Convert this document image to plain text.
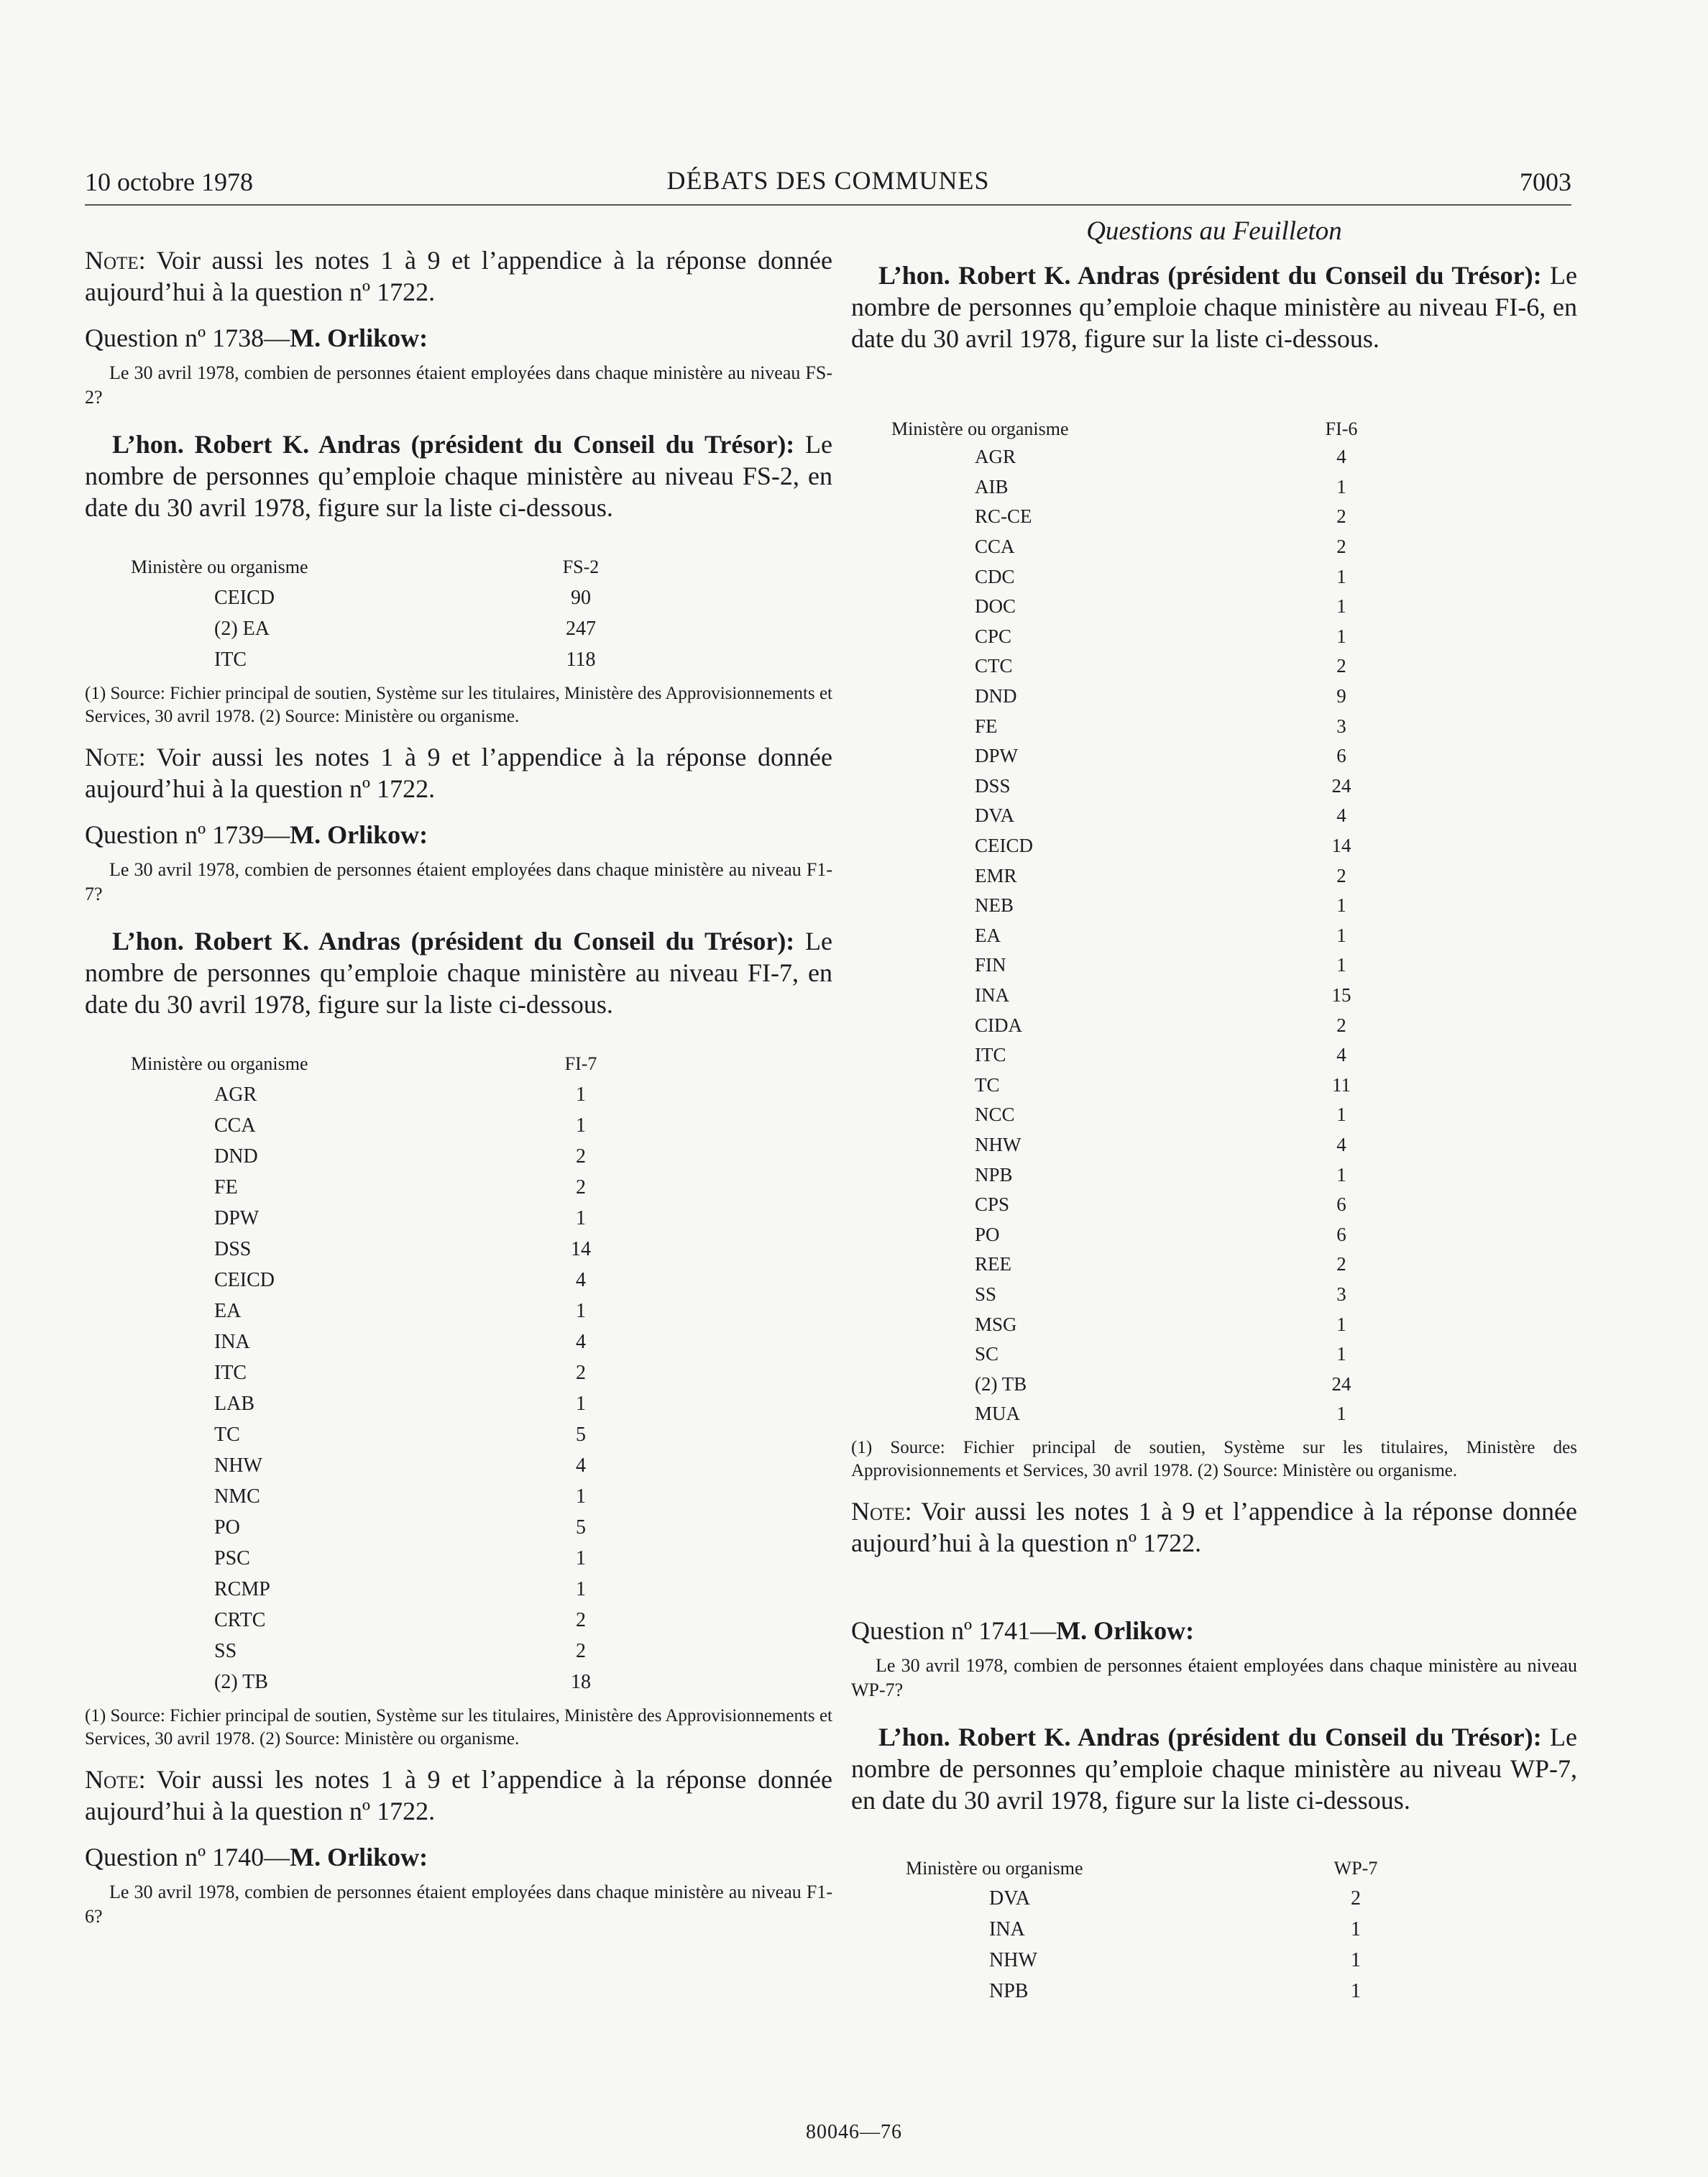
10 octobre 1978	DÉBATS DES COMMUNES	7003

Note: Voir aussi les notes 1 à 9 et l’appendice à la réponse donnée aujourd’hui à la question nº 1722.

Question nº 1738—M. Orlikow:

Le 30 avril 1978, combien de personnes étaient employées dans chaque ministère au niveau FS-2?

L’hon. Robert K. Andras (président du Conseil du Trésor): Le nombre de personnes qu’emploie chaque ministère au niveau FS-2, en date du 30 avril 1978, figure sur la liste ci-dessous.

Ministère ou organisme	FS-2
CEICD	90
(2) EA	247
ITC	118

(1) Source: Fichier principal de soutien, Système sur les titulaires, Ministère des Approvisionnements et Services, 30 avril 1978. (2) Source: Ministère ou organisme.

Note: Voir aussi les notes 1 à 9 et l’appendice à la réponse donnée aujourd’hui à la question nº 1722.

Question nº 1739—M. Orlikow:

Le 30 avril 1978, combien de personnes étaient employées dans chaque ministère au niveau F1-7?

L’hon. Robert K. Andras (président du Conseil du Trésor): Le nombre de personnes qu’emploie chaque ministère au niveau FI-7, en date du 30 avril 1978, figure sur la liste ci-dessous.

Ministère ou organisme	FI-7
AGR	1
CCA	1
DND	2
FE	2
DPW	1
DSS	14
CEICD	4
EA	1
INA	4
ITC	2
LAB	1
TC	5
NHW	4
NMC	1
PO	5
PSC	1
RCMP	1
CRTC	2
SS	2
(2) TB	18

(1) Source: Fichier principal de soutien, Système sur les titulaires, Ministère des Approvisionnements et Services, 30 avril 1978. (2) Source: Ministère ou organisme.

Note: Voir aussi les notes 1 à 9 et l’appendice à la réponse donnée aujourd’hui à la question nº 1722.

Question nº 1740—M. Orlikow:

Le 30 avril 1978, combien de personnes étaient employées dans chaque ministère au niveau F1-6?

Questions au Feuilleton

L’hon. Robert K. Andras (président du Conseil du Trésor): Le nombre de personnes qu’emploie chaque ministère au niveau FI-6, en date du 30 avril 1978, figure sur la liste ci-dessous.

Ministère ou organisme	FI-6
AGR	4
AIB	1
RC-CE	2
CCA	2
CDC	1
DOC	1
CPC	1
CTC	2
DND	9
FE	3
DPW	6
DSS	24
DVA	4
CEICD	14
EMR	2
NEB	1
EA	1
FIN	1
INA	15
CIDA	2
ITC	4
TC	11
NCC	1
NHW	4
NPB	1
CPS	6
PO	6
REE	2
SS	3
MSG	1
SC	1
(2) TB	24
MUA	1

(1) Source: Fichier principal de soutien, Système sur les titulaires, Ministère des Approvisionnements et Services, 30 avril 1978. (2) Source: Ministère ou organisme.

Note: Voir aussi les notes 1 à 9 et l’appendice à la réponse donnée aujourd’hui à la question nº 1722.

Question nº 1741—M. Orlikow:

Le 30 avril 1978, combien de personnes étaient employées dans chaque ministère au niveau WP-7?

L’hon. Robert K. Andras (président du Conseil du Trésor): Le nombre de personnes qu’emploie chaque ministère au niveau WP-7, en date du 30 avril 1978, figure sur la liste ci-dessous.

Ministère ou organisme	WP-7
DVA	2
INA	1
NHW	1
NPB	1
80046—76
